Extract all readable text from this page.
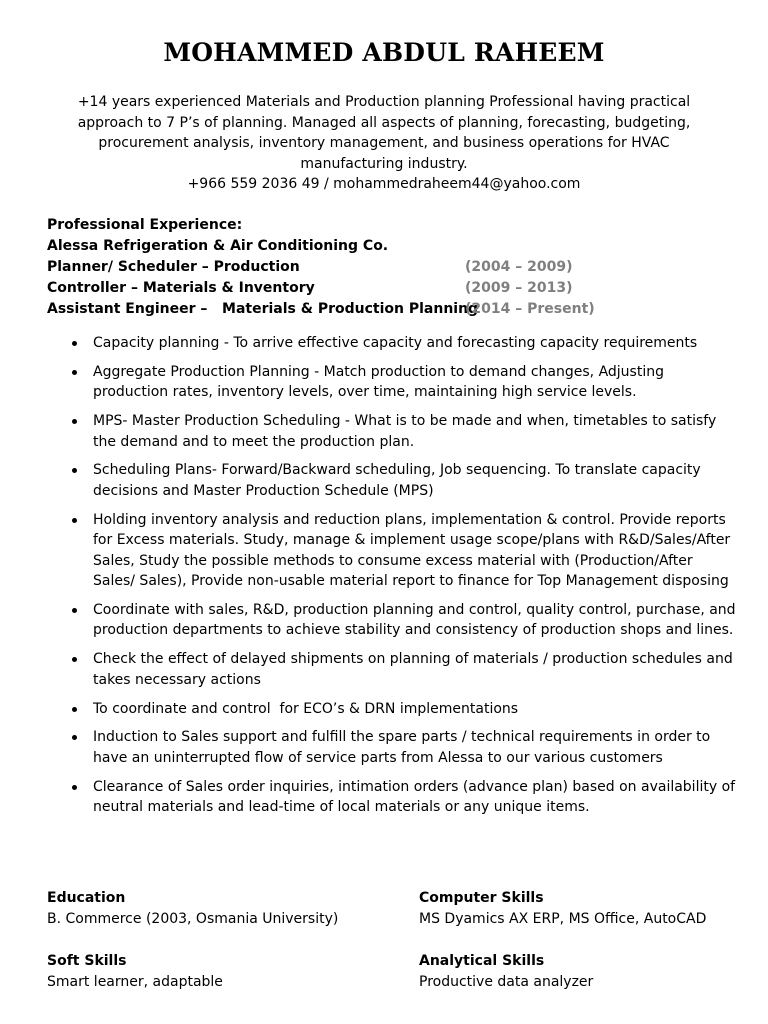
MOHAMMED ABDUL RAHEEM
+14 years experienced Materials and Production planning Professional having practical approach to 7 P’s of planning. Managed all aspects of planning, forecasting, budgeting, procurement analysis, inventory management, and business operations for HVAC manufacturing industry.
+966 559 2036 49 / mohammedraheem44@yahoo.com
Professional Experience:
Alessa Refrigeration & Air Conditioning Co.
Planner/ Scheduler – Production	(2004 – 2009)
Controller – Materials & Inventory	(2009 – 2013)
Assistant Engineer –   Materials & Production Planning
(2014 – Present)
Capacity planning - To arrive effective capacity and forecasting capacity requirements
Aggregate Production Planning - Match production to demand changes, Adjusting production rates, inventory levels, over time, maintaining high service levels.
MPS- Master Production Scheduling - What is to be made and when, timetables to satisfy the demand and to meet the production plan.
Scheduling Plans- Forward/Backward scheduling, Job sequencing. To translate capacity decisions and Master Production Schedule (MPS)
Holding inventory analysis and reduction plans, implementation & control. Provide reports for Excess materials. Study, manage & implement usage scope/plans with R&D/Sales/After Sales, Study the possible methods to consume excess material with (Production/After Sales/ Sales), Provide non-usable material report to finance for Top Management disposing
Coordinate with sales, R&D, production planning and control, quality control, purchase, and production departments to achieve stability and consistency of production shops and lines.
Check the effect of delayed shipments on planning of materials / production schedules and takes necessary actions
To coordinate and control  for ECO’s & DRN implementations
Induction to Sales support and fulfill the spare parts / technical requirements in order to have an uninterrupted flow of service parts from Alessa to our various customers
Clearance of Sales order inquiries, intimation orders (advance plan) based on availability of neutral materials and lead-time of local materials or any unique items.
Education
B. Commerce (2003, Osmania University)
Computer Skills
MS Dyamics AX ERP, MS Office, AutoCAD
Soft Skills
Smart learner, adaptable
Analytical Skills
Productive data analyzer
